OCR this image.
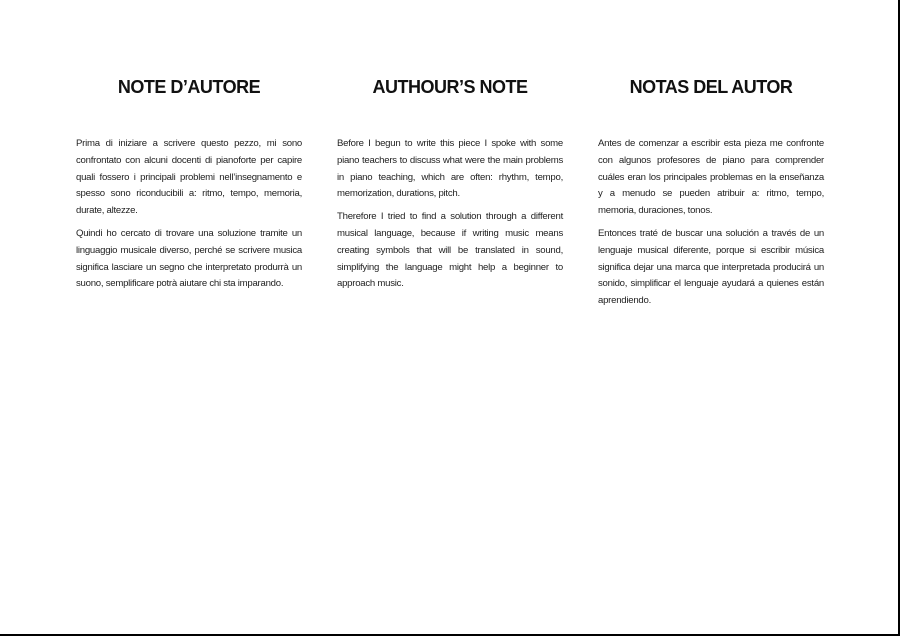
NOTE D’AUTORE

Prima di iniziare a scrivere questo pezzo, mi sono confrontato con alcuni docenti di pianoforte per capire quali fossero i principali problemi nell’insegnamento e spesso sono riconducibili a: ritmo, tempo, memoria, durate, altezze.

Quindi ho cercato di trovare una soluzione tramite un linguaggio musicale diverso, perché se scrivere musica significa lasciare un segno che interpretato produrrà un suono, semplificare potrà aiutare chi sta imparando.

AUTHOUR’S NOTE

Before I begun to write this piece I spoke with some piano teachers to discuss what were the main problems in piano teaching, which are often: rhythm, tempo, memorization, durations, pitch.

Therefore I tried to find a solution through a different musical language, because if writing music means creating symbols that will be translated in sound, simplifying the language might help a beginner to approach music.

NOTAS DEL AUTOR

Antes de comenzar a escribir esta pieza me confronte con algunos profesores de piano para comprender cuáles eran los principales problemas en la enseñanza y a menudo se pueden atribuir a: ritmo, tempo, memoria, duraciones, tonos.

Entonces traté de buscar una solución a través de un lenguaje musical diferente, porque si escribir música significa dejar una marca que interpretada producirá un sonido, simplificar el lenguaje ayudará a quienes están aprendiendo.
